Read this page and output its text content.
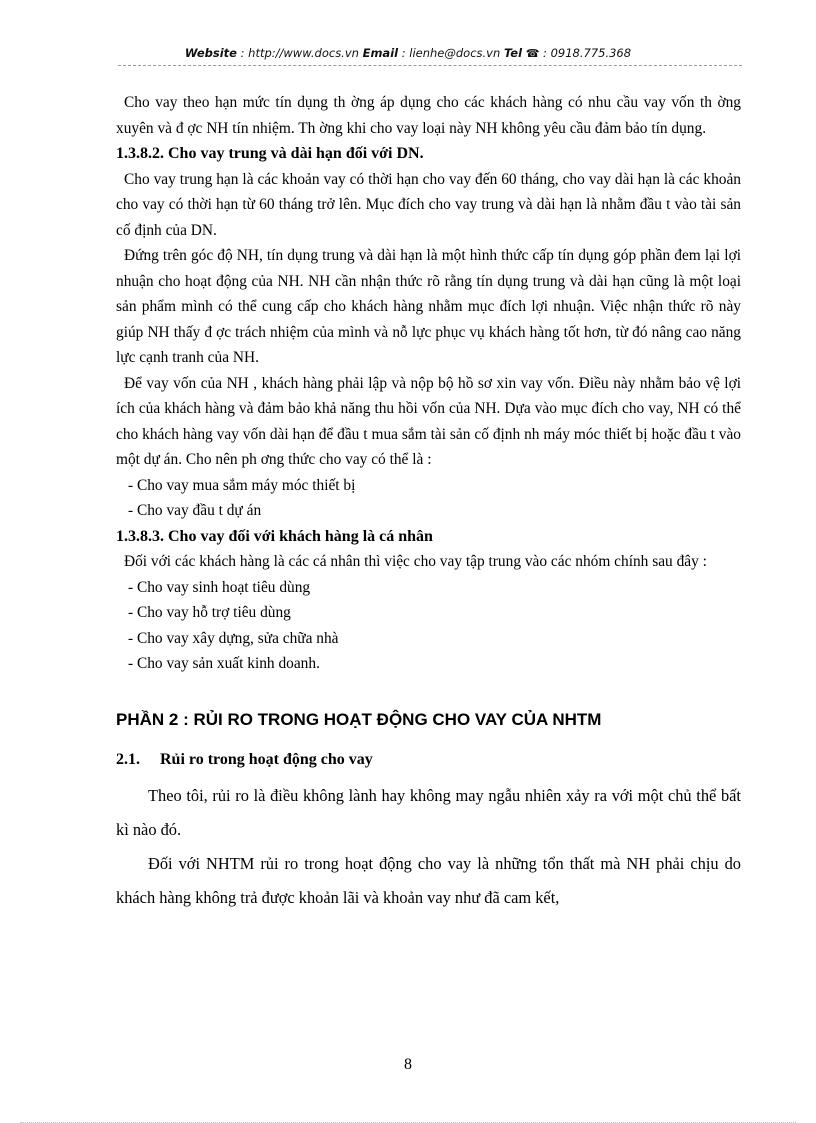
Website : http://www.docs.vn Email : lienhe@docs.vn Tel ☎ : 0918.775.368

Cho vay theo hạn mức tín dụng th ờng áp dụng cho các khách hàng có nhu cầu vay vốn th ờng xuyên và đ ợc NH tín nhiệm. Th ờng khi cho vay loại này NH không yêu cầu đảm bảo tín dụng.

1.3.8.2. Cho vay trung và dài hạn đối với DN.

Cho vay trung hạn là các khoản vay có thời hạn cho vay đến 60 tháng, cho vay dài hạn là các khoản cho vay có thời hạn từ 60 tháng trở lên. Mục đích cho vay trung và dài hạn là nhằm đầu t vào tài sản cố định của DN.

Đứng trên góc độ NH, tín dụng trung và dài hạn là một hình thức cấp tín dụng góp phần đem lại lợi nhuận cho hoạt động của NH. NH cần nhận thức rõ rằng tín dụng trung và dài hạn cũng là một loại sản phẩm mình có thể cung cấp cho khách hàng nhằm mục đích lợi nhuận. Việc nhận thức rõ này giúp NH thấy đ ợc trách nhiệm của mình và nỗ lực phục vụ khách hàng tốt hơn, từ đó nâng cao năng lực cạnh tranh của NH.

Để vay vốn của NH , khách hàng phải lập và nộp bộ hồ sơ xin vay vốn. Điều này nhằm bảo vệ lợi ích của khách hàng và đảm bảo khả năng thu hồi vốn của NH. Dựa vào mục đích cho vay, NH có thể cho khách hàng vay vốn dài hạn để đầu t mua sắm tài sản cố định nh máy móc thiết bị hoặc đầu t vào một dự án. Cho nên ph ơng thức cho vay có thể là :

- Cho vay mua sắm máy móc thiết bị

- Cho vay đầu t dự án

1.3.8.3. Cho vay đối với khách hàng là cá nhân

Đối với các khách hàng là các cá nhân thì việc cho vay tập trung vào các nhóm chính sau đây :

- Cho vay sinh hoạt tiêu dùng

- Cho vay hỗ trợ tiêu dùng

- Cho vay xây dựng, sửa chữa nhà

- Cho vay sản xuất kinh doanh.

PHẦN 2 : RỦI RO TRONG HOẠT ĐỘNG CHO VAY CỦA NHTM

2.1. Rủi ro trong hoạt động cho vay

Theo tôi, rủi ro là điều không lành hay không may ngẫu nhiên xảy ra với một chủ thể bất kì nào đó.

Đối với NHTM rủi ro trong hoạt động cho vay là những tổn thất mà NH phải chịu do khách hàng không trả được khoản lãi và khoản vay như đã cam kết,

8
